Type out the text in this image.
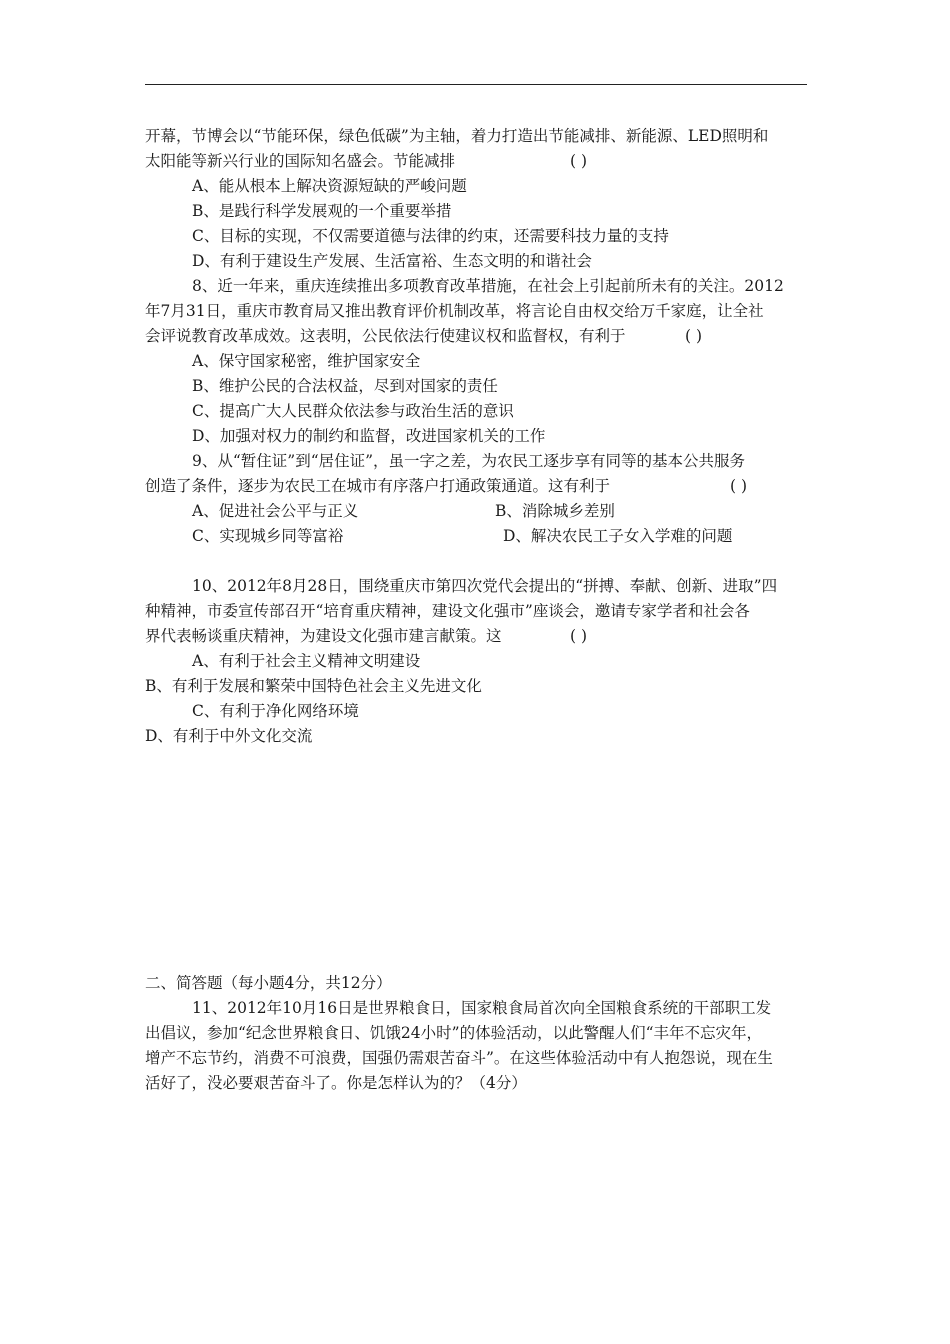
开幕，节博会以“节能环保，绿色低碳”为主轴，着力打造出节能减排、新能源、LED照明和
太阳能等新兴行业的国际知名盛会。节能减排	( )
A、能从根本上解决资源短缺的严峻问题
B、是践行科学发展观的一个重要举措
C、目标的实现，不仅需要道德与法律的约束，还需要科技力量的支持
D、有利于建设生产发展、生活富裕、生态文明的和谐社会
8、近一年来，重庆连续推出多项教育改革措施，在社会上引起前所未有的关注。2012
年7月31日，重庆市教育局又推出教育评价机制改革，将言论自由权交给万千家庭，让全社
会评说教育改革成效。这表明，公民依法行使建议权和监督权，有利于	( )
A、保守国家秘密，维护国家安全
B、维护公民的合法权益，尽到对国家的责任
C、提高广大人民群众依法参与政治生活的意识
D、加强对权力的制约和监督，改进国家机关的工作
9、从“暂住证”到“居住证”，虽一字之差，为农民工逐步享有同等的基本公共服务
创造了条件，逐步为农民工在城市有序落户打通政策通道。这有利于	( )
A、促进社会公平与正义	B、消除城乡差别
C、实现城乡同等富裕	D、解决农民工子女入学难的问题
10、2012年8月28日，围绕重庆市第四次党代会提出的“拼搏、奉献、创新、进取”四
种精神，市委宣传部召开“培育重庆精神，建设文化强市”座谈会，邀请专家学者和社会各
界代表畅谈重庆精神，为建设文化强市建言献策。这	( )
A、有利于社会主义精神文明建设
B、有利于发展和繁荣中国特色社会主义先进文化
C、有利于净化网络环境
D、有利于中外文化交流
二、简答题（每小题4分，共12分）
11、2012年10月16日是世界粮食日，国家粮食局首次向全国粮食系统的干部职工发
出倡议，参加“纪念世界粮食日、饥饿24小时”的体验活动，以此警醒人们“丰年不忘灾年，
增产不忘节约，消费不可浪费，国强仍需艰苦奋斗”。在这些体验活动中有人抱怨说，现在生
活好了，没必要艰苦奋斗了。你是怎样认为的？（4分）
